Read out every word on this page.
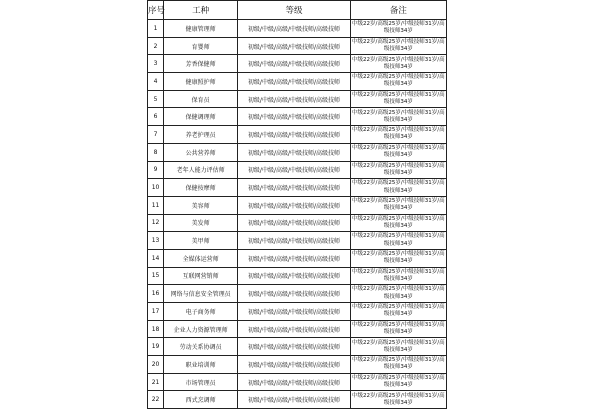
序号	工种	等级	备注
1	健康管理师	初级/中级/高级/中级技师/高级技师	中级22岁/高级25岁/中级技师31岁/高级技师34岁
2	育婴师	初级/中级/高级/中级技师/高级技师	中级22岁/高级25岁/中级技师31岁/高级技师34岁
3	芳香保健师	初级/中级/高级/中级技师/高级技师	中级22岁/高级25岁/中级技师31岁/高级技师34岁
4	健康照护师	初级/中级/高级/中级技师/高级技师	中级22岁/高级25岁/中级技师31岁/高级技师34岁
5	保育员	初级/中级/高级/中级技师/高级技师	中级22岁/高级25岁/中级技师31岁/高级技师34岁
6	保健调理师	初级/中级/高级/中级技师/高级技师	中级22岁/高级25岁/中级技师31岁/高级技师34岁
7	养老护理员	初级/中级/高级/中级技师/高级技师	中级22岁/高级25岁/中级技师31岁/高级技师34岁
8	公共营养师	初级/中级/高级/中级技师/高级技师	中级22岁/高级25岁/中级技师31岁/高级技师34岁
9	老年人能力评估师	初级/中级/高级/中级技师/高级技师	中级22岁/高级25岁/中级技师31岁/高级技师34岁
10	保健按摩师	初级/中级/高级/中级技师/高级技师	中级22岁/高级25岁/中级技师31岁/高级技师34岁
11	美容师	初级/中级/高级/中级技师/高级技师	中级22岁/高级25岁/中级技师31岁/高级技师34岁
12	美发师	初级/中级/高级/中级技师/高级技师	中级22岁/高级25岁/中级技师31岁/高级技师34岁
13	美甲师	初级/中级/高级/中级技师/高级技师	中级22岁/高级25岁/中级技师31岁/高级技师34岁
14	全媒体运营师	初级/中级/高级/中级技师/高级技师	中级22岁/高级25岁/中级技师31岁/高级技师34岁
15	互联网营销师	初级/中级/高级/中级技师/高级技师	中级22岁/高级25岁/中级技师31岁/高级技师34岁
16	网络与信息安全管理员	初级/中级/高级/中级技师/高级技师	中级22岁/高级25岁/中级技师31岁/高级技师34岁
17	电子商务师	初级/中级/高级/中级技师/高级技师	中级22岁/高级25岁/中级技师31岁/高级技师34岁
18	企业人力资源管理师	初级/中级/高级/中级技师/高级技师	中级22岁/高级25岁/中级技师31岁/高级技师34岁
19	劳动关系协调员	初级/中级/高级/中级技师/高级技师	中级22岁/高级25岁/中级技师31岁/高级技师34岁
20	职业培训师	初级/中级/高级/中级技师/高级技师	中级22岁/高级25岁/中级技师31岁/高级技师34岁
21	市场管理员	初级/中级/高级/中级技师/高级技师	中级22岁/高级25岁/中级技师31岁/高级技师34岁
22	西式烹调师	初级/中级/高级/中级技师/高级技师	中级22岁/高级25岁/中级技师31岁/高级技师34岁
